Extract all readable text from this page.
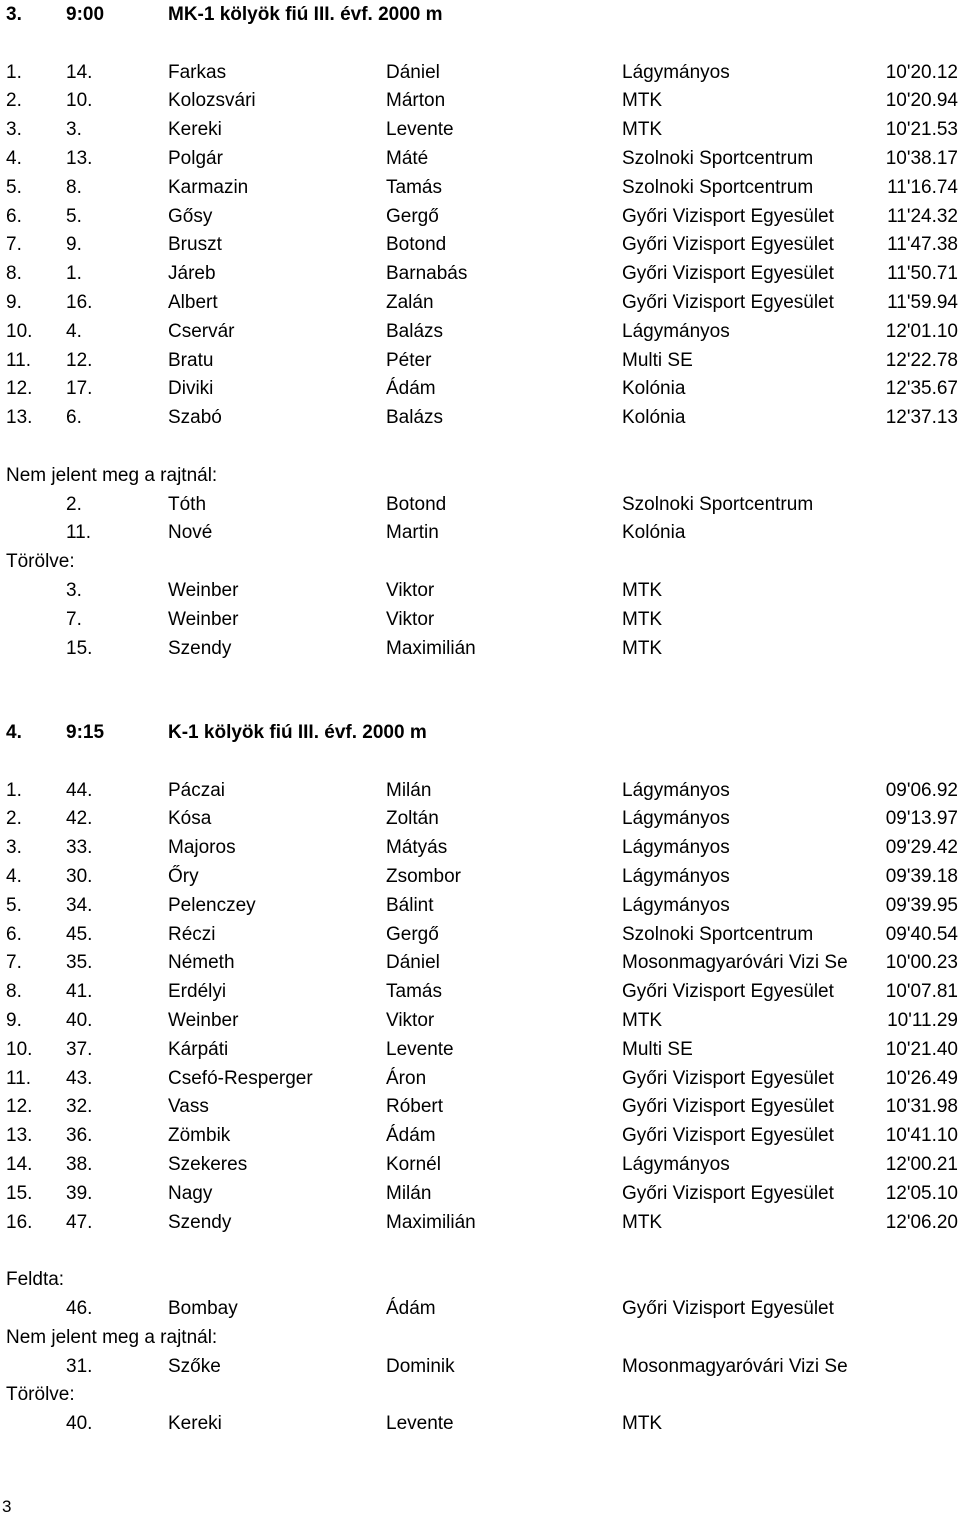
3. 9:00	MK-1 kölyök fiú III. évf. 2000 m
1. 14.	Farkas	Dániel	Lágymányos	10'20.12
2. 10.	Kolozsvári	Márton	MTK	10'20.94
3. 3.	Kereki	Levente	MTK	10'21.53
4. 13.	Polgár	Máté	Szolnoki Sportcentrum	10'38.17
5. 8.	Karmazin	Tamás	Szolnoki Sportcentrum	11'16.74
6. 5.	Gősy	Gergő	Győri Vizisport Egyesület	11'24.32
7. 9.	Bruszt	Botond	Győri Vizisport Egyesület	11'47.38
8. 1.	Járeb	Barnabás	Győri Vizisport Egyesület	11'50.71
9. 16.	Albert	Zalán	Győri Vizisport Egyesület	11'59.94
10. 4.	Cservár	Balázs	Lágymányos	12'01.10
11. 12.	Bratu	Péter	Multi SE	12'22.78
12. 17.	Diviki	Ádám	Kolónia	12'35.67
13. 6.	Szabó	Balázs	Kolónia	12'37.13
Nem jelent meg a rajtnál:
2.	Tóth	Botond	Szolnoki Sportcentrum
11.	Nové	Martin	Kolónia
Törölve:
3.	Weinber	Viktor	MTK
7.	Weinber	Viktor	MTK
15.	Szendy	Maximilián	MTK
4. 9:15	K-1 kölyök fiú III. évf. 2000 m
1. 44.	Páczai	Milán	Lágymányos	09'06.92
2. 42.	Kósa	Zoltán	Lágymányos	09'13.97
3. 33.	Majoros	Mátyás	Lágymányos	09'29.42
4. 30.	Őry	Zsombor	Lágymányos	09'39.18
5. 34.	Pelenczey	Bálint	Lágymányos	09'39.95
6. 45.	Réczi	Gergő	Szolnoki Sportcentrum	09'40.54
7. 35.	Németh	Dániel	Mosonmagyaróvári Vizi Se 10'00.23
8. 41.	Erdélyi	Tamás	Győri Vizisport Egyesület	10'07.81
9. 40.	Weinber	Viktor	MTK	10'11.29
10. 37.	Kárpáti	Levente	Multi SE	10'21.40
11. 43.	Csefó-Resperger	Áron	Győri Vizisport Egyesület	10'26.49
12. 32.	Vass	Róbert	Győri Vizisport Egyesület	10'31.98
13. 36.	Zömbik	Ádám	Győri Vizisport Egyesület	10'41.10
14. 38.	Szekeres	Kornél	Lágymányos	12'00.21
15. 39.	Nagy	Milán	Győri Vizisport Egyesület	12'05.10
16. 47.	Szendy	Maximilián	MTK	12'06.20
Feldta:
46.	Bombay	Ádám	Győri Vizisport Egyesület
Nem jelent meg a rajtnál:
31.	Szőke	Dominik	Mosonmagyaróvári Vizi Se
Törölve:
40.	Kereki	Levente	MTK
3
